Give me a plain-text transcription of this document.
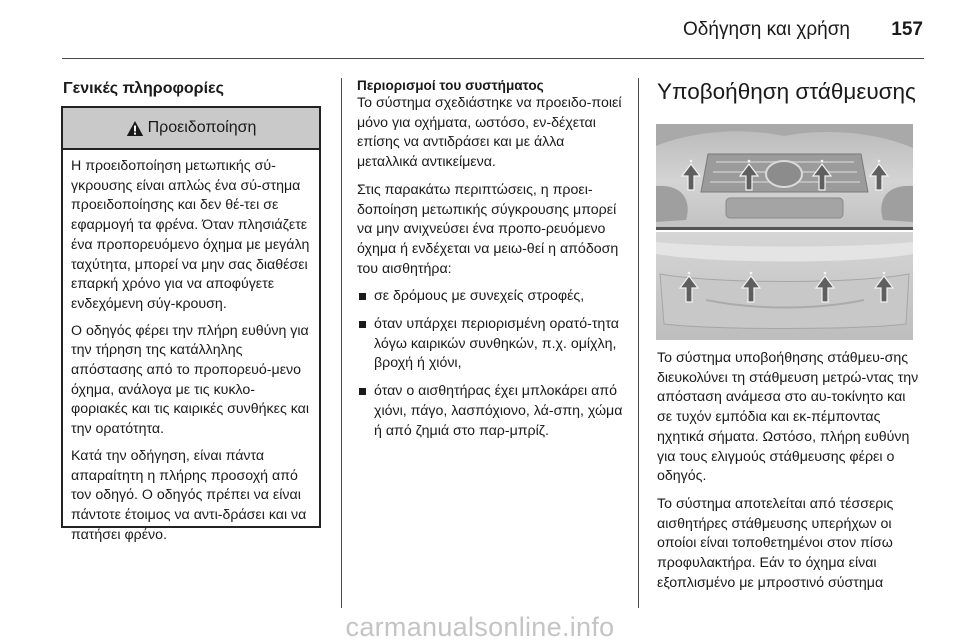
Οδήγηση και χρήση	157
Γενικές πληροφορίες
Προειδοποίηση

Η προειδοποίηση μετωπικής σύ-γκρουσης είναι απλώς ένα σύ-στημα προειδοποίησης και δεν θέ-τει σε εφαρμογή τα φρένα. Όταν πλησιάζετε ένα προπορευόμενο όχημα με μεγάλη ταχύτητα, μπορεί να μην σας διαθέσει επαρκή χρόνο για να αποφύγετε ενδεχόμενη σύγ-κρουση.

Ο οδηγός φέρει την πλήρη ευθύνη για την τήρηση της κατάλληλης απόστασης από το προπορευό-μενο όχημα, ανάλογα με τις κυκλο-φοριακές και τις καιρικές συνθήκες και την ορατότητα.

Κατά την οδήγηση, είναι πάντα απαραίτητη η πλήρης προσοχή από τον οδηγό. Ο οδηγός πρέπει να είναι πάντοτε έτοιμος να αντι-δράσει και να πατήσει φρένο.

Περιορισμοί του συστήματος

Το σύστημα σχεδιάστηκε να προειδο-ποιεί μόνο για οχήματα, ωστόσο, εν-δέχεται επίσης να αντιδράσει και με άλλα μεταλλικά αντικείμενα.

Στις παρακάτω περιπτώσεις, η προει-δοποίηση μετωπικής σύγκρουσης μπορεί να μην ανιχνεύσει ένα προπο-ρευόμενο όχημα ή ενδέχεται να μειω-θεί η απόδοση του αισθητήρα:

σε δρόμους με συνεχείς στροφές,
όταν υπάρχει περιορισμένη ορατό-τητα λόγω καιρικών συνθηκών, π.χ. ομίχλη, βροχή ή χιόνι,
όταν ο αισθητήρας έχει μπλοκάρει από χιόνι, πάγο, λασπόχιονο, λά-σπη, χώμα ή από ζημιά στο παρ-μπρίζ.
Υποβοήθηση στάθμευσης

Το σύστημα υποβοήθησης στάθμευ-σης διευκολύνει τη στάθμευση μετρώ-ντας την απόσταση ανάμεσα στο αυ-τοκίνητο και σε τυχόν εμπόδια και εκ-πέμποντας ηχητικά σήματα. Ωστόσο, πλήρη ευθύνη για τους ελιγμούς στάθμευσης φέρει ο οδηγός.

Το σύστημα αποτελείται από τέσσερις αισθητήρες στάθμευσης υπερήχων οι οποίοι είναι τοποθετημένοι στον πίσω προφυλακτήρα. Εάν το όχημα είναι εξοπλισμένο με μπροστινό σύστημα

carmanualsonline.info
